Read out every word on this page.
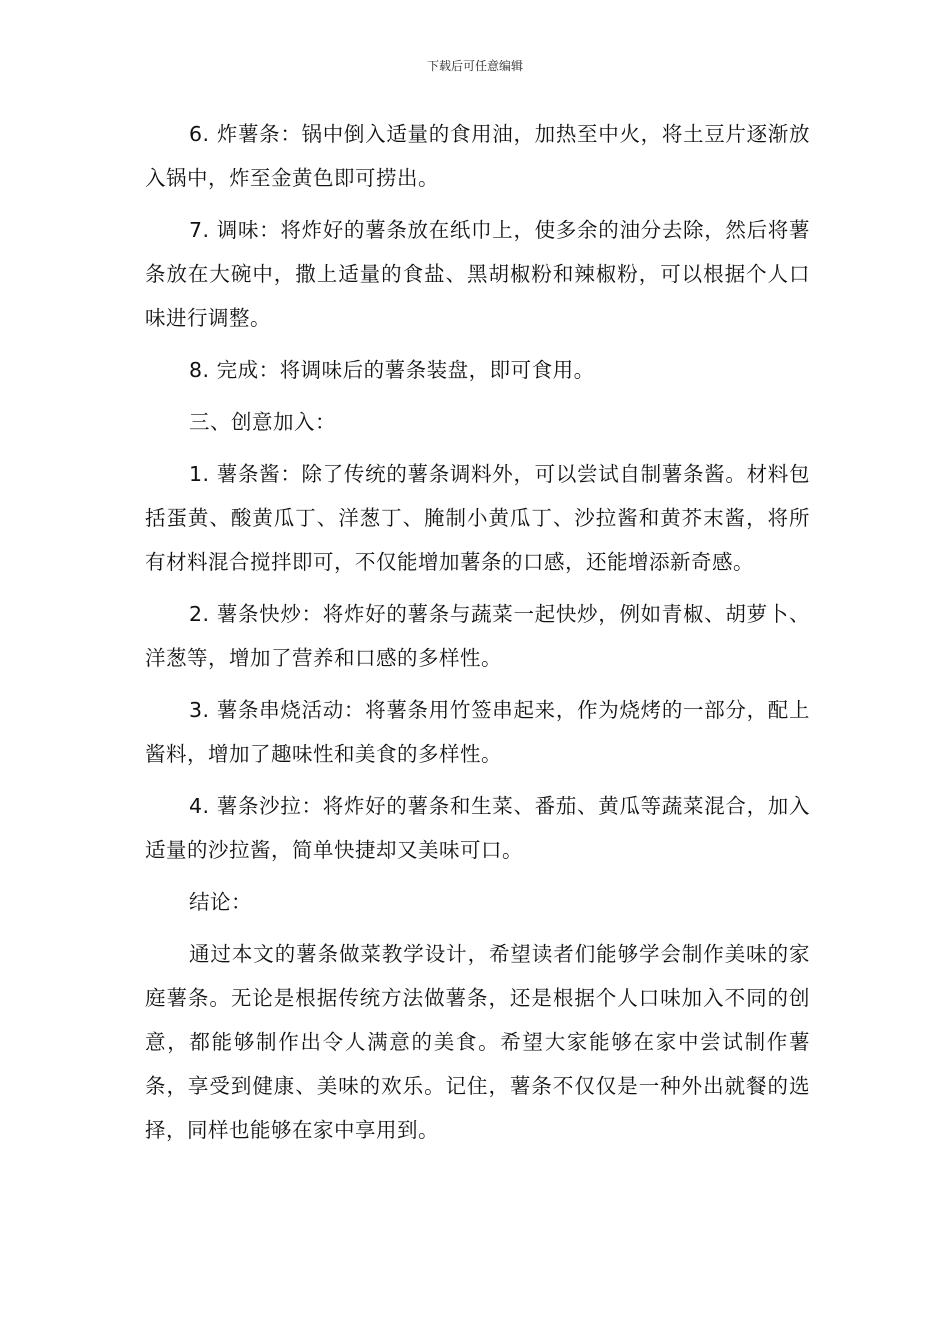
下载后可任意编辑

6. 炸薯条：锅中倒入适量的食用油，加热至中火，将土豆片逐渐放入锅中，炸至金黄色即可捞出。

7. 调味：将炸好的薯条放在纸巾上，使多余的油分去除，然后将薯条放在大碗中，撒上适量的食盐、黑胡椒粉和辣椒粉，可以根据个人口味进行调整。

8. 完成：将调味后的薯条装盘，即可食用。

三、创意加入：

1. 薯条酱：除了传统的薯条调料外，可以尝试自制薯条酱。材料包括蛋黄、酸黄瓜丁、洋葱丁、腌制小黄瓜丁、沙拉酱和黄芥末酱，将所有材料混合搅拌即可，不仅能增加薯条的口感，还能增添新奇感。

2. 薯条快炒：将炸好的薯条与蔬菜一起快炒，例如青椒、胡萝卜、洋葱等，增加了营养和口感的多样性。

3. 薯条串烧活动：将薯条用竹签串起来，作为烧烤的一部分，配上酱料，增加了趣味性和美食的多样性。

4. 薯条沙拉：将炸好的薯条和生菜、番茄、黄瓜等蔬菜混合，加入适量的沙拉酱，简单快捷却又美味可口。

结论：

通过本文的薯条做菜教学设计，希望读者们能够学会制作美味的家庭薯条。无论是根据传统方法做薯条，还是根据个人口味加入不同的创意，都能够制作出令人满意的美食。希望大家能够在家中尝试制作薯条，享受到健康、美味的欢乐。记住，薯条不仅仅是一种外出就餐的选择，同样也能够在家中享用到。
